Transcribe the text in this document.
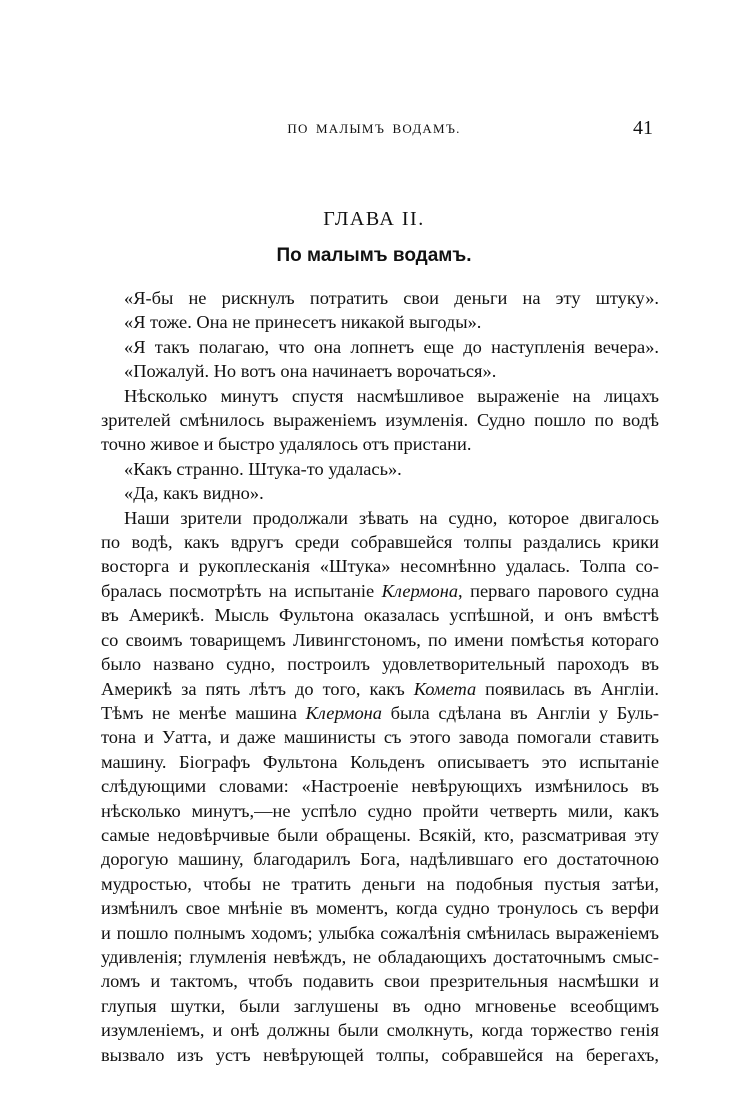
ПО МАЛЫМЪ ВОДАМЪ.	41
ГЛАВА II.
По малымъ водамъ.

«Я-бы не рискнулъ потратить свои деньги на эту штуку».

«Я тоже. Она не принесетъ никакой выгоды».

«Я такъ полагаю, что она лопнетъ еще до наступленія вечера».

«Пожалуй. Но вотъ она начинаетъ ворочаться».

Нѣсколько минутъ спустя насмѣшливое выраженіе на лицахъ
зрителей смѣнилось выраженіемъ изумленія. Судно пошло по водѣ
точно живое и быстро удалялось отъ пристани.

«Какъ странно. Штука-то удалась».

«Да, какъ видно».

Наши зрители продолжали зѣвать на судно, которое двигалось
по водѣ, какъ вдругъ среди собравшейся толпы раздались крики
восторга и рукоплесканія «Штука» несомнѣнно удалась. Толпа со-
бралась посмотрѣть на испытаніе Клермона, перваго парового судна
въ Америкѣ. Мысль Фультона оказалась успѣшной, и онъ вмѣстѣ
со своимъ товарищемъ Ливингстономъ, по имени помѣстья котораго
было названо судно, построилъ удовлетворительный пароходъ въ
Америкѣ за пять лѣтъ до того, какъ Комета появилась въ Англіи.
Тѣмъ не менѣе машина Клермона была сдѣлана въ Англіи у Буль-
тона и Уатта, и даже машинисты съ этого завода помогали ставить
машину. Біографъ Фультона Кольденъ описываетъ это испытаніе
слѣдующими словами: «Настроеніе невѣрующихъ измѣнилось въ
нѣсколько минутъ,—не успѣло судно пройти четверть мили, какъ
самые недовѣрчивые были обращены. Всякій, кто, разсматривая эту
дорогую машину, благодарилъ Бога, надѣлившаго его достаточною
мудростью, чтобы не тратить деньги на подобныя пустыя затѣи,
измѣнилъ свое мнѣніе въ моментъ, когда судно тронулось съ верфи
и пошло полнымъ ходомъ; улыбка сожалѣнія смѣнилась выраженіемъ
удивленія; глумленія невѣждъ, не обладающихъ достаточнымъ смыс-
ломъ и тактомъ, чтобъ подавить свои презрительныя насмѣшки и
глупыя шутки, были заглушены въ одно мгновенье всеобщимъ
изумленіемъ, и онѣ должны были смолкнуть, когда торжество генія
вызвало изъ устъ невѣрующей толпы, собравшейся на берегахъ,
